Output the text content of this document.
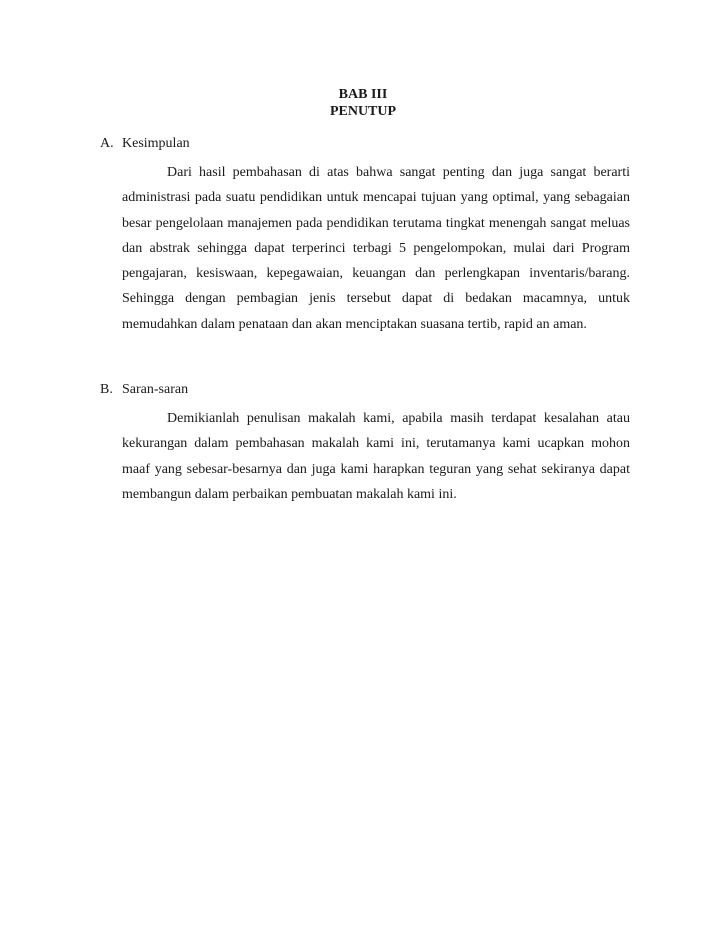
BAB III
PENUTUP
A. Kesimpulan

Dari hasil pembahasan di atas bahwa sangat penting dan juga sangat berarti administrasi pada suatu pendidikan untuk mencapai tujuan yang optimal, yang sebagaian besar pengelolaan manajemen pada pendidikan terutama tingkat menengah sangat meluas dan abstrak sehingga dapat terperinci terbagi 5 pengelompokan, mulai dari Program pengajaran, kesiswaan, kepegawaian, keuangan dan perlengkapan inventaris/barang. Sehingga dengan pembagian jenis tersebut dapat di bedakan macamnya, untuk memudahkan dalam penataan dan akan menciptakan suasana tertib, rapid an aman.

B. Saran-saran

Demikianlah penulisan makalah kami, apabila masih terdapat kesalahan atau kekurangan dalam pembahasan makalah kami ini, terutamanya kami ucapkan mohon maaf yang sebesar-besarnya dan juga kami harapkan teguran yang sehat sekiranya dapat membangun dalam perbaikan pembuatan makalah kami ini.
